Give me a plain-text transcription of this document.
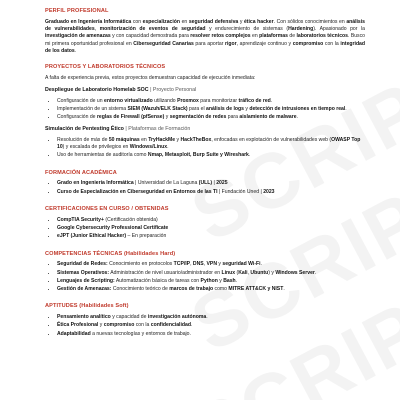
PERFIL PROFESIONAL

Graduado en Ingeniería Informática con especialización en seguridad defensiva y ética hacker. Con sólidos conocimientos en análisis de vulnerabilidades, monitorización de eventos de seguridad y endurecimiento de sistemas (Hardening). Apasionado por la investigación de amenazas y con capacidad demostrada para resolver retos complejos en plataformas de laboratorios técnicos. Busco mi primera oportunidad profesional en Ciberseguridad Canarias para aportar rigor, aprendizaje continuo y compromiso con la integridad de los datos.

PROYECTOS Y LABORATORIOS TÉCNICOS

A falta de experiencia previa, estos proyectos demuestran capacidad de ejecución inmediata:

Despliegue de Laboratorio Homelab SOC | Proyecto Personal
• Configuración de un entorno virtualizado utilizando Proxmox para monitorizar tráfico de red.
• Implementación de un sistema SIEM (Wazuh/ELK Stack) para el análisis de logs y detección de intrusiones en tiempo real.
• Configuración de reglas de Firewall (pfSense) y segmentación de redes para aislamiento de malware.
Simulación de Pentesting Ético | Plataformas de Formación
• Resolución de más de 50 máquinas en TryHackMe y HackTheBox, enfocadas en explotación de vulnerabilidades web (OWASP Top 10) y escalada de privilegios en Windows/Linux.
• Uso de herramientas de auditoría como Nmap, Metasploit, Burp Suite y Wireshark.

FORMACIÓN ACADÉMICA

• Grado en Ingeniería Informática | Universidad de La Laguna (ULL) | 2025
• Curso de Especialización en Ciberseguridad en Entornos de las TI | Fundación Uned | 2023

CERTIFICACIONES EN CURSO / OBTENIDAS

• CompTIA Security+ (Certificación obtenida)
• Google Cybersecurity Professional Certificate
• eJPT (Junior Ethical Hacker) – En preparación

COMPETENCIAS TÉCNICAS (Habilidades Hard)

• Seguridad de Redes: Conocimiento en protocolos TCP/IP, DNS, VPN y seguridad Wi-Fi.
• Sistemas Operativos: Administración de nivel usuario/administrador en Linux (Kali, Ubuntu) y Windows Server.
• Lenguajes de Scripting: Automatización básica de tareas con Python y Bash.
• Gestión de Amenazas: Conocimiento teórico de marcos de trabajo como MITRE ATT&CK y NIST.

APTITUDES (Habilidades Soft)

• Pensamiento analítico y capacidad de investigación autónoma.
• Ética Profesional y compromiso con la confidencialidad.
• Adaptabilidad a nuevas tecnologías y entornos de trabajo.
